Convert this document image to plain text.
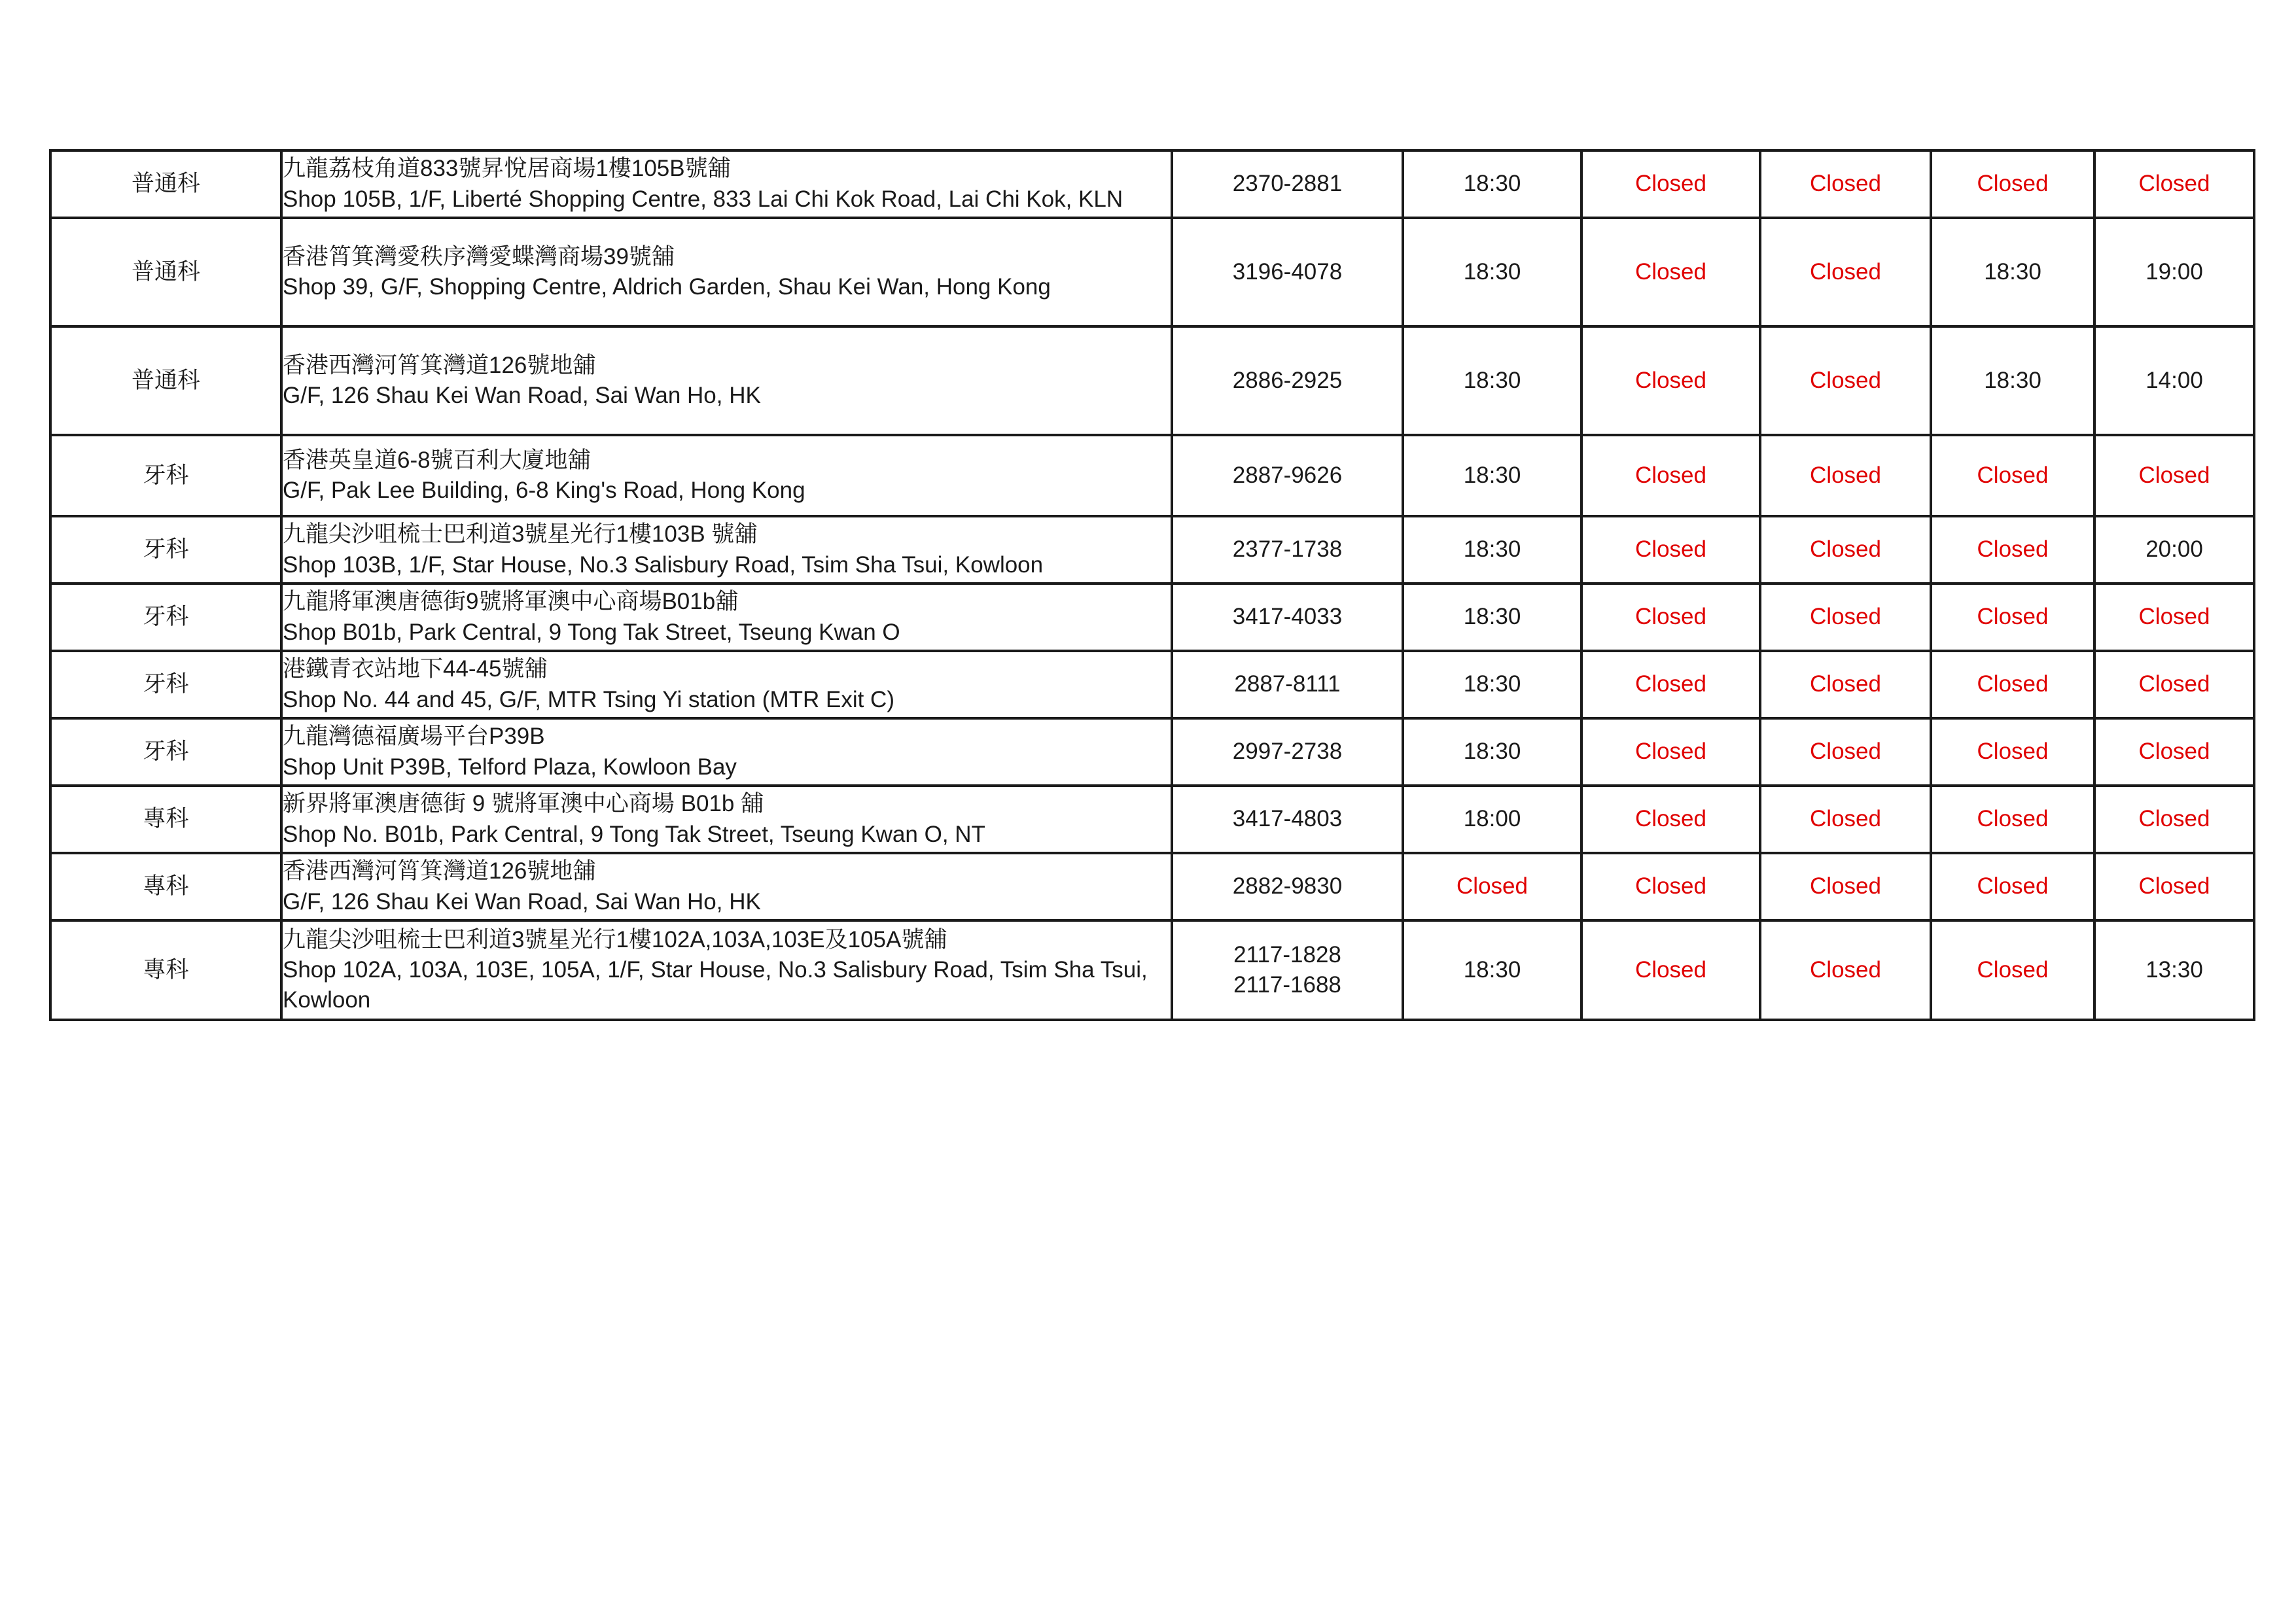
普通科	九龍荔枝角道833號昇悅居商場1樓105B號舖
Shop 105B, 1/F, Liberté Shopping Centre, 833 Lai Chi Kok Road, Lai Chi Kok, KLN	2370-2881	18:30	Closed	Closed	Closed	Closed
普通科	香港筲箕灣愛秩序灣愛蝶灣商場39號舖
Shop 39, G/F, Shopping Centre, Aldrich Garden, Shau Kei Wan, Hong Kong	3196-4078	18:30	Closed	Closed	18:30	19:00
普通科	香港西灣河筲箕灣道126號地舖
G/F, 126 Shau Kei Wan Road, Sai Wan Ho, HK	2886-2925	18:30	Closed	Closed	18:30	14:00
牙科	香港英皇道6-8號百利大廈地舖
G/F, Pak Lee Building, 6-8 King's Road, Hong Kong	2887-9626	18:30	Closed	Closed	Closed	Closed
牙科	九龍尖沙咀梳士巴利道3號星光行1樓103B 號舖
Shop 103B, 1/F, Star House, No.3 Salisbury Road, Tsim Sha Tsui, Kowloon	2377-1738	18:30	Closed	Closed	Closed	20:00
牙科	九龍將軍澳唐德街9號將軍澳中心商場B01b舖
Shop B01b, Park Central, 9 Tong Tak Street, Tseung Kwan O	3417-4033	18:30	Closed	Closed	Closed	Closed
牙科	港鐵青衣站地下44-45號舖
Shop No. 44 and 45, G/F, MTR Tsing Yi station (MTR Exit C)	2887-8111	18:30	Closed	Closed	Closed	Closed
牙科	九龍灣德福廣場平台P39B
Shop Unit P39B, Telford Plaza, Kowloon Bay	2997-2738	18:30	Closed	Closed	Closed	Closed
專科	新界將軍澳唐德街 9 號將軍澳中心商場 B01b 舖
Shop No. B01b, Park Central, 9 Tong Tak Street, Tseung Kwan O, NT	3417-4803	18:00	Closed	Closed	Closed	Closed
專科	香港西灣河筲箕灣道126號地舖
G/F, 126 Shau Kei Wan Road, Sai Wan Ho, HK	2882-9830	Closed	Closed	Closed	Closed	Closed
專科	九龍尖沙咀梳士巴利道3號星光行1樓102A,103A,103E及105A號舖
Shop 102A, 103A, 103E, 105A, 1/F, Star House, No.3 Salisbury Road, Tsim Sha Tsui, Kowloon	2117-1828
2117-1688	18:30	Closed	Closed	Closed	13:30
